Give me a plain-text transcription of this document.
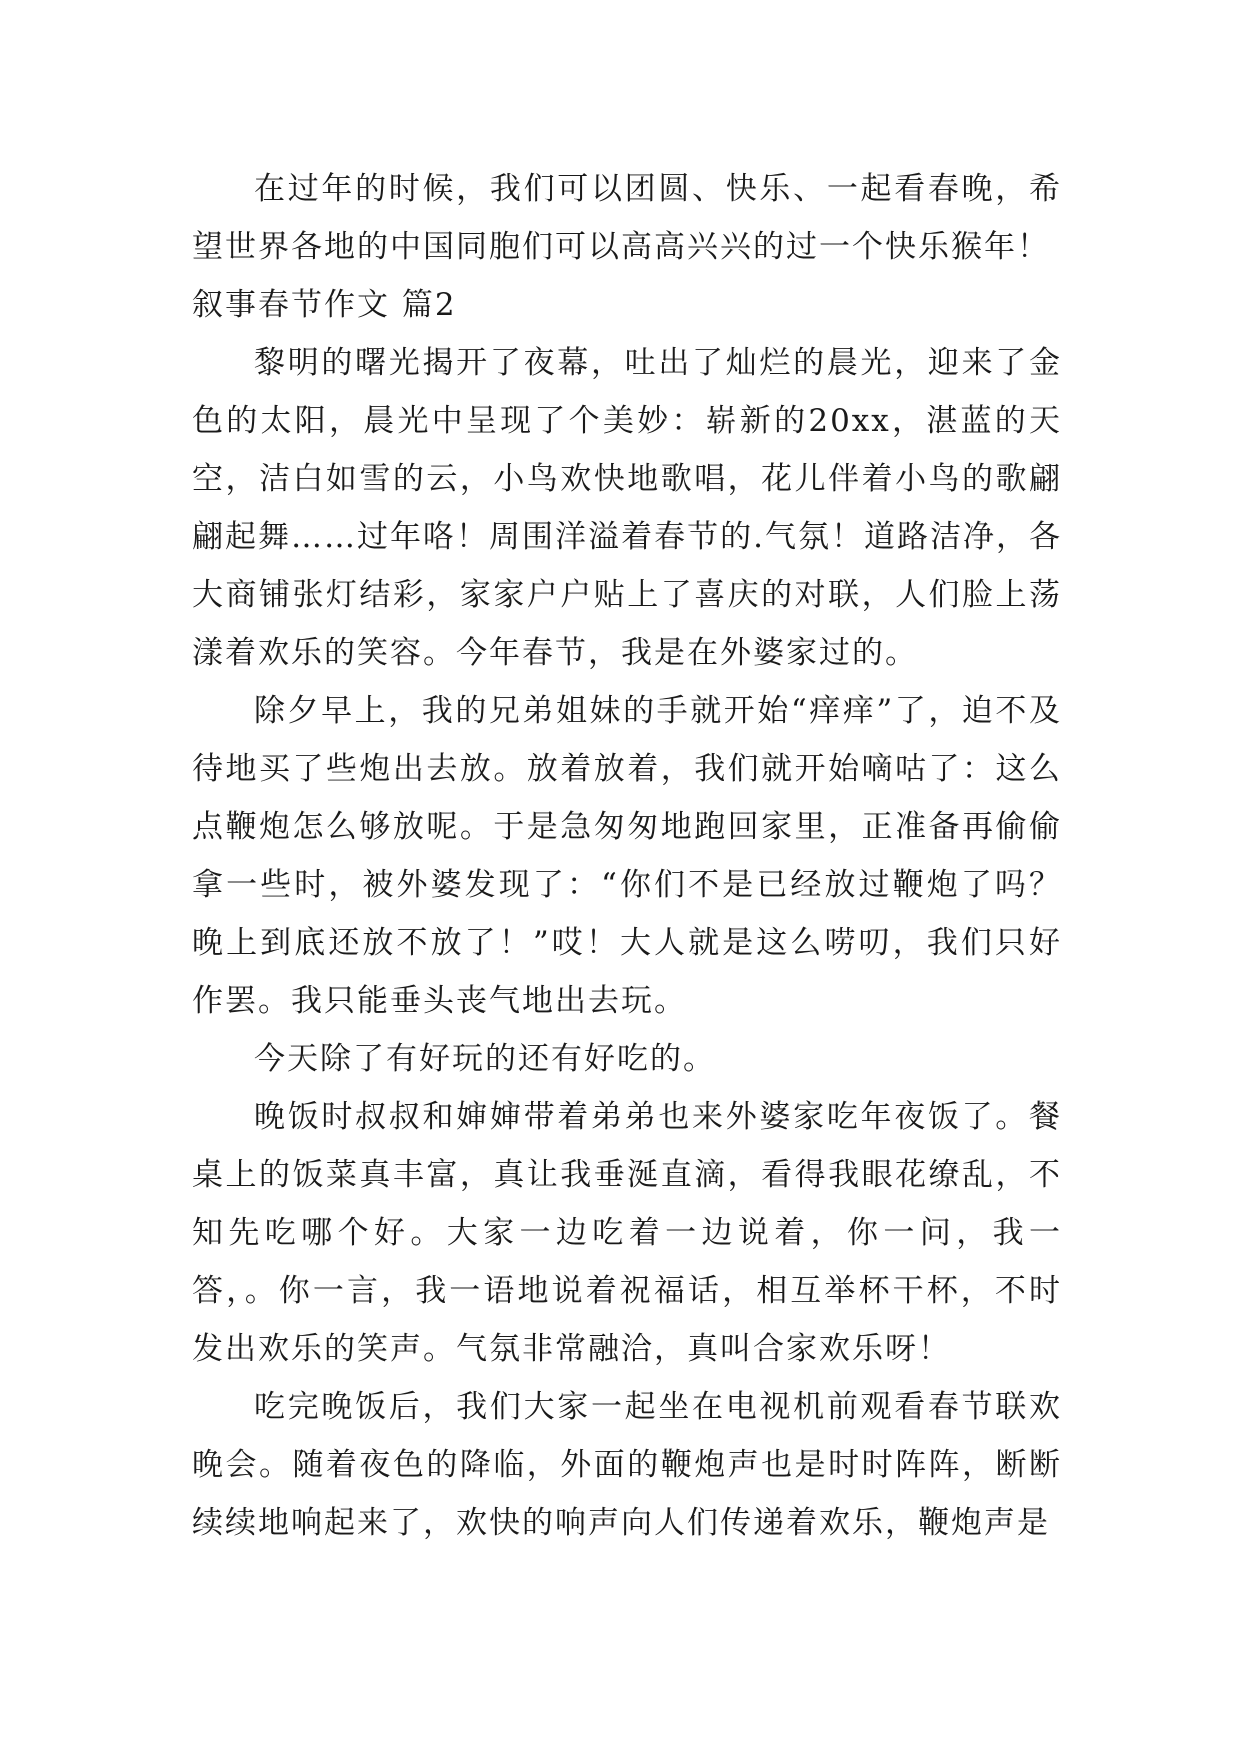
在过年的时候，我们可以团圆、快乐、一起看春晚，希望世界各地的中国同胞们可以高高兴兴的过一个快乐猴年！

叙事春节作文 篇2

黎明的曙光揭开了夜幕，吐出了灿烂的晨光，迎来了金色的太阳，晨光中呈现了个美妙：崭新的20xx，湛蓝的天空，洁白如雪的云，小鸟欢快地歌唱，花儿伴着小鸟的歌翩翩起舞……过年咯！周围洋溢着春节的.气氛！道路洁净，各大商铺张灯结彩，家家户户贴上了喜庆的对联，人们脸上荡漾着欢乐的笑容。今年春节，我是在外婆家过的。

除夕早上，我的兄弟姐妹的手就开始“痒痒”了，迫不及待地买了些炮出去放。放着放着，我们就开始嘀咕了：这么点鞭炮怎么够放呢。于是急匆匆地跑回家里，正准备再偷偷拿一些时，被外婆发现了：“你们不是已经放过鞭炮了吗？晚上到底还放不放了！”哎！大人就是这么唠叨，我们只好作罢。我只能垂头丧气地出去玩。

今天除了有好玩的还有好吃的。

晚饭时叔叔和婶婶带着弟弟也来外婆家吃年夜饭了。餐桌上的饭菜真丰富，真让我垂涎直滴，看得我眼花缭乱，不知先吃哪个好。大家一边吃着一边说着，你一问，我一答，。你一言，我一语地说着祝福话，相互举杯干杯，不时发出欢乐的笑声。气氛非常融洽，真叫合家欢乐呀！

吃完晚饭后，我们大家一起坐在电视机前观看春节联欢晚会。随着夜色的降临，外面的鞭炮声也是时时阵阵，断断续续地响起来了，欢快的响声向人们传递着欢乐，鞭炮声是
